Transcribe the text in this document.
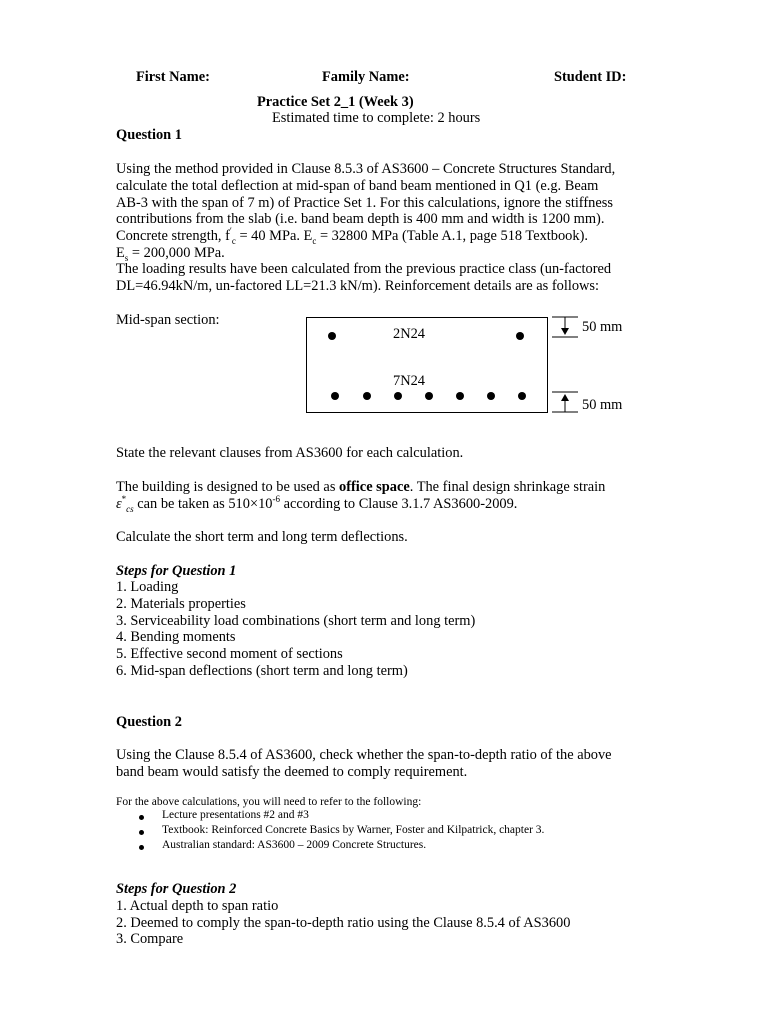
First Name:	Family Name:	Student ID:
Practice Set 2_1 (Week 3)
Estimated time to complete: 2 hours
Question 1
Using the method provided in Clause 8.5.3 of AS3600 – Concrete Structures Standard,
calculate the total deflection at mid-span of band beam mentioned in Q1 (e.g. Beam
AB-3 with the span of 7 m) of Practice Set 1. For this calculations, ignore the stiffness
contributions from the slab (i.e. band beam depth is 400 mm and width is 1200 mm).
Concrete strength, $f'_c = 40$ MPa. $E_c = 32800$ MPa (Table A.1, page 518 Textbook).
$E_s = 200,000$ MPa.
The loading results have been calculated from the previous practice class (un-factored
DL=46.94kN/m, un-factored LL=21.3 kN/m). Reinforcement details are as follows:
Mid-span section:
2N24
7N24
50 mm
50 mm
State the relevant clauses from AS3600 for each calculation.
The building is designed to be used as office space. The final design shrinkage strain
$\varepsilon^*_{cs}$ can be taken as $510\times 10^{-6}$ according to Clause 3.1.7 AS3600-2009.
Calculate the short term and long term deflections.
Steps for Question 1
1. Loading
2. Materials properties
3. Serviceability load combinations (short term and long term)
4. Bending moments
5. Effective second moment of sections
6. Mid-span deflections (short term and long term)
Question 2
Using the Clause 8.5.4 of AS3600, check whether the span-to-depth ratio of the above
band beam would satisfy the deemed to comply requirement.
For the above calculations, you will need to refer to the following:
Lecture presentations #2 and #3
Textbook: Reinforced Concrete Basics by Warner, Foster and Kilpatrick, chapter 3.
Australian standard: AS3600 – 2009 Concrete Structures.
Steps for Question 2
1. Actual depth to span ratio
2. Deemed to comply the span-to-depth ratio using the Clause 8.5.4 of AS3600
3. Compare
